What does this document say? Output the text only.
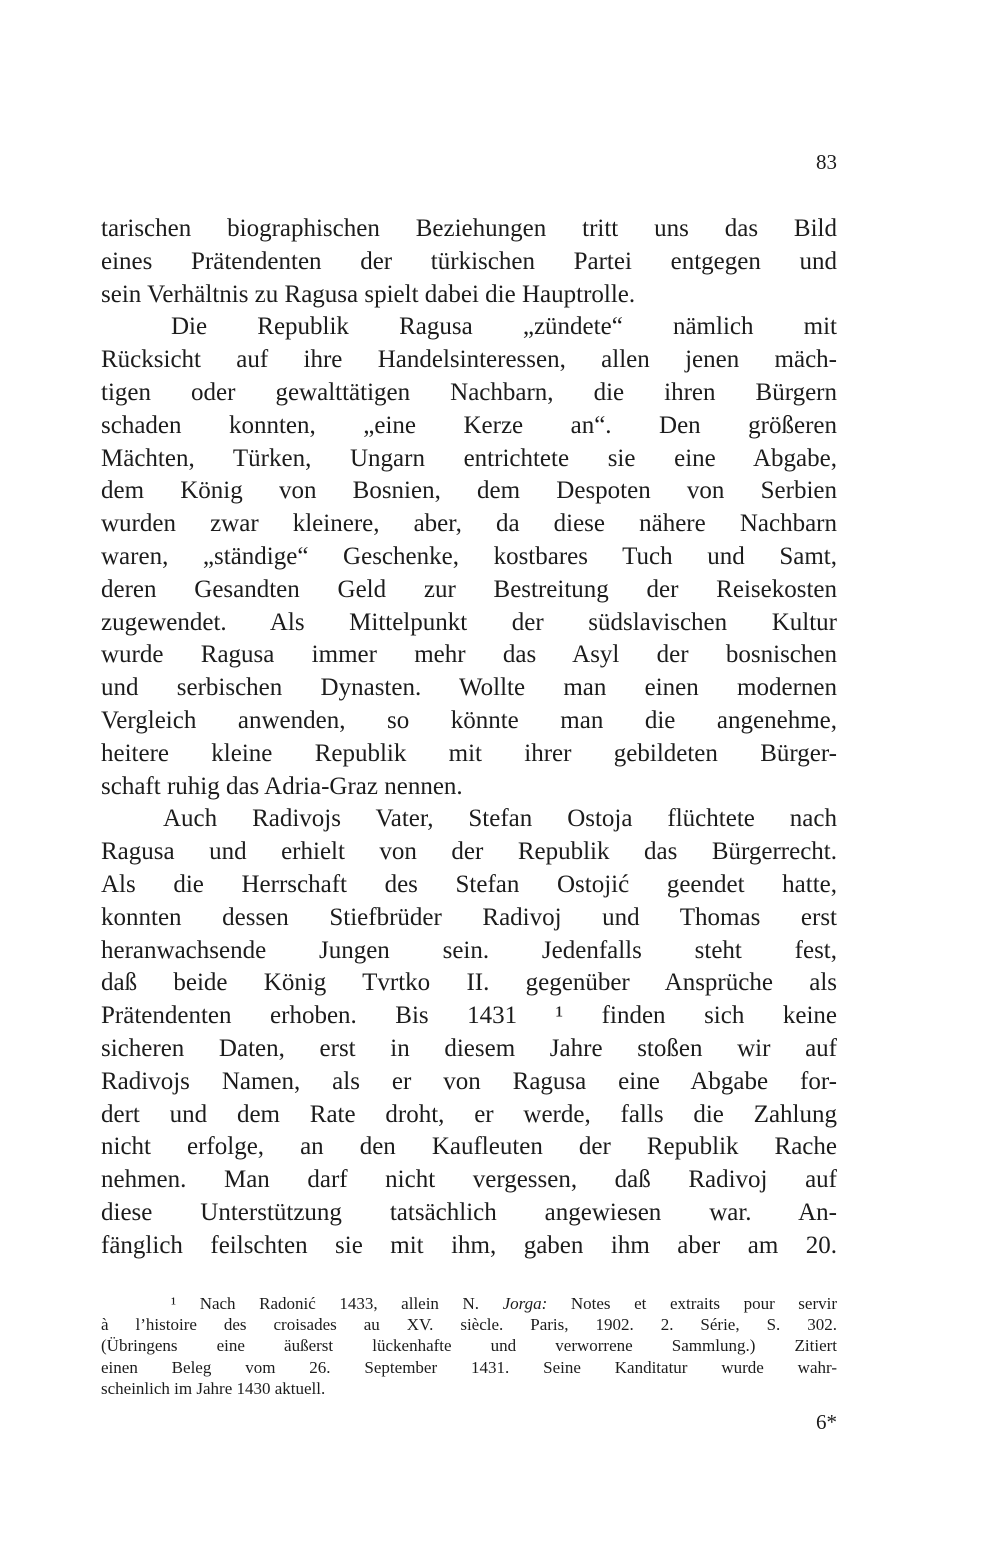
83
tarischen biographischen Beziehungen tritt uns das Bild
eines Prätendenten der türkischen Partei entgegen und
sein Verhältnis zu Ragusa spielt dabei die Hauptrolle.
Die Republik Ragusa „zündete“ nämlich mit
Rücksicht auf ihre Handelsinteressen, allen jenen mäch-
tigen oder gewalttätigen Nachbarn, die ihren Bürgern
schaden konnten, „eine Kerze an“. Den größeren
Mächten, Türken, Ungarn entrichtete sie eine Abgabe,
dem König von Bosnien, dem Despoten von Serbien
wurden zwar kleinere, aber, da diese nähere Nachbarn
waren, „ständige“ Geschenke, kostbares Tuch und Samt,
deren Gesandten Geld zur Bestreitung der Reisekosten
zugewendet. Als Mittelpunkt der südslavischen Kultur
wurde Ragusa immer mehr das Asyl der bosnischen
und serbischen Dynasten. Wollte man einen modernen
Vergleich anwenden, so könnte man die angenehme,
heitere kleine Republik mit ihrer gebildeten Bürger-
schaft ruhig das Adria-Graz nennen.
Auch Radivojs Vater, Stefan Ostoja flüchtete nach
Ragusa und erhielt von der Republik das Bürgerrecht.
Als die Herrschaft des Stefan Ostojić geendet hatte,
konnten dessen Stiefbrüder Radivoj und Thomas erst
heranwachsende Jungen sein. Jedenfalls steht fest,
daß beide König Tvrtko II. gegenüber Ansprüche als
Prätendenten erhoben. Bis 1431 ¹ finden sich keine
sicheren Daten, erst in diesem Jahre stoßen wir auf
Radivojs Namen, als er von Ragusa eine Abgabe for-
dert und dem Rate droht, er werde, falls die Zahlung
nicht erfolge, an den Kaufleuten der Republik Rache
nehmen. Man darf nicht vergessen, daß Radivoj auf
diese Unterstützung tatsächlich angewiesen war. An-
fänglich feilschten sie mit ihm, gaben ihm aber am 20.
¹ Nach Radonić 1433, allein N. Jorga: Notes et extraits pour servir
à l’histoire des croisades au XV. siècle. Paris, 1902. 2. Série, S. 302.
(Übringens eine äußerst lückenhafte und verworrene Sammlung.) Zitiert
einen Beleg vom 26. September 1431. Seine Kanditatur wurde wahr-
scheinlich im Jahre 1430 aktuell.
6*
